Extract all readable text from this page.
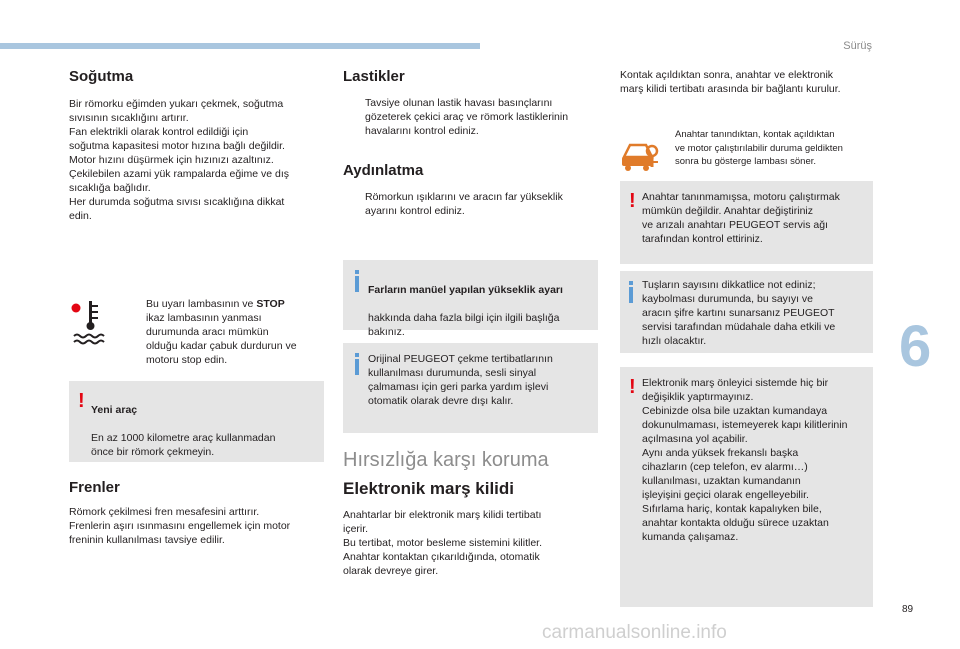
Sürüş
6
89
carmanualsonline.info
Soğutma

Bir römorku eğimden yukarı çekmek, soğutma
sıvısının sıcaklığını artırır.
Fan elektrikli olarak kontrol edildiği için
soğutma kapasitesi motor hızına bağlı değildir.
Motor hızını düşürmek için hızınızı azaltınız.
Çekilebilen azami yük rampalarda eğime ve dış
sıcaklığa bağlıdır.
Her durumda soğutma sıvısı sıcaklığına dikkat
edin.

Bu uyarı lambasının ve STOP
ikaz lambasının yanması
durumunda aracı mümkün
olduğu kadar çabuk durdurun ve
motoru stop edin.
! Yeni araç

En az 1000 kilometre araç kullanmadan
önce bir römork çekmeyin.

Frenler

Römork çekilmesi fren mesafesini arttırır.
Frenlerin aşırı ısınmasını engellemek için motor
freninin kullanılması tavsiye edilir.

Lastikler
Tavsiye olunan lastik havası basınçlarını
gözeterek çekici araç ve römork lastiklerinin
havalarını kontrol ediniz.
Aydınlatma
Römorkun ışıklarını ve aracın far yükseklik
ayarını kontrol ediniz.

Farların manüel yapılan yükseklik ayarı

hakkında daha fazla bilgi için ilgili başlığa
bakınız.

Orijinal PEUGEOT çekme tertibatlarının
kullanılması durumunda, sesli sinyal
çalmaması için geri parka yardım işlevi
otomatik olarak devre dışı kalır.
Hırsızlığa karşı koruma
Elektronik marş kilidi

Anahtarlar bir elektronik marş kilidi tertibatı
içerir.
Bu tertibat, motor besleme sistemini kilitler.
Anahtar kontaktan çıkarıldığında, otomatik
olarak devreye girer.

Kontak açıldıktan sonra, anahtar ve elektronik
marş kilidi tertibatı arasında bir bağlantı kurulur.

Anahtar tanındıktan, kontak açıldıktan
ve motor çalıştırılabilir duruma geldikten
sonra bu gösterge lambası söner.

! Anahtar tanınmamışsa, motoru çalıştırmak
mümkün değildir. Anahtar değiştiriniz
ve arızalı anahtarı PEUGEOT servis ağı
tarafından kontrol ettiriniz.
Tuşların sayısını dikkatlice not ediniz;
kaybolması durumunda, bu sayıyı ve
aracın şifre kartını sunarsanız PEUGEOT
servisi tarafından müdahale daha etkili ve
hızlı olacaktır.
! Elektronik marş önleyici sistemde hiç bir
değişiklik yaptırmayınız.
Cebinizde olsa bile uzaktan kumandaya
dokunulmaması, istemeyerek kapı kilitlerinin
açılmasına yol açabilir.
Aynı anda yüksek frekanslı başka
cihazların (cep telefon, ev alarmı…)
kullanılması, uzaktan kumandanın
işleyişini geçici olarak engelleyebilir.
Sıfırlama hariç, kontak kapalıyken bile,
anahtar kontakta olduğu sürece uzaktan
kumanda çalışamaz.
